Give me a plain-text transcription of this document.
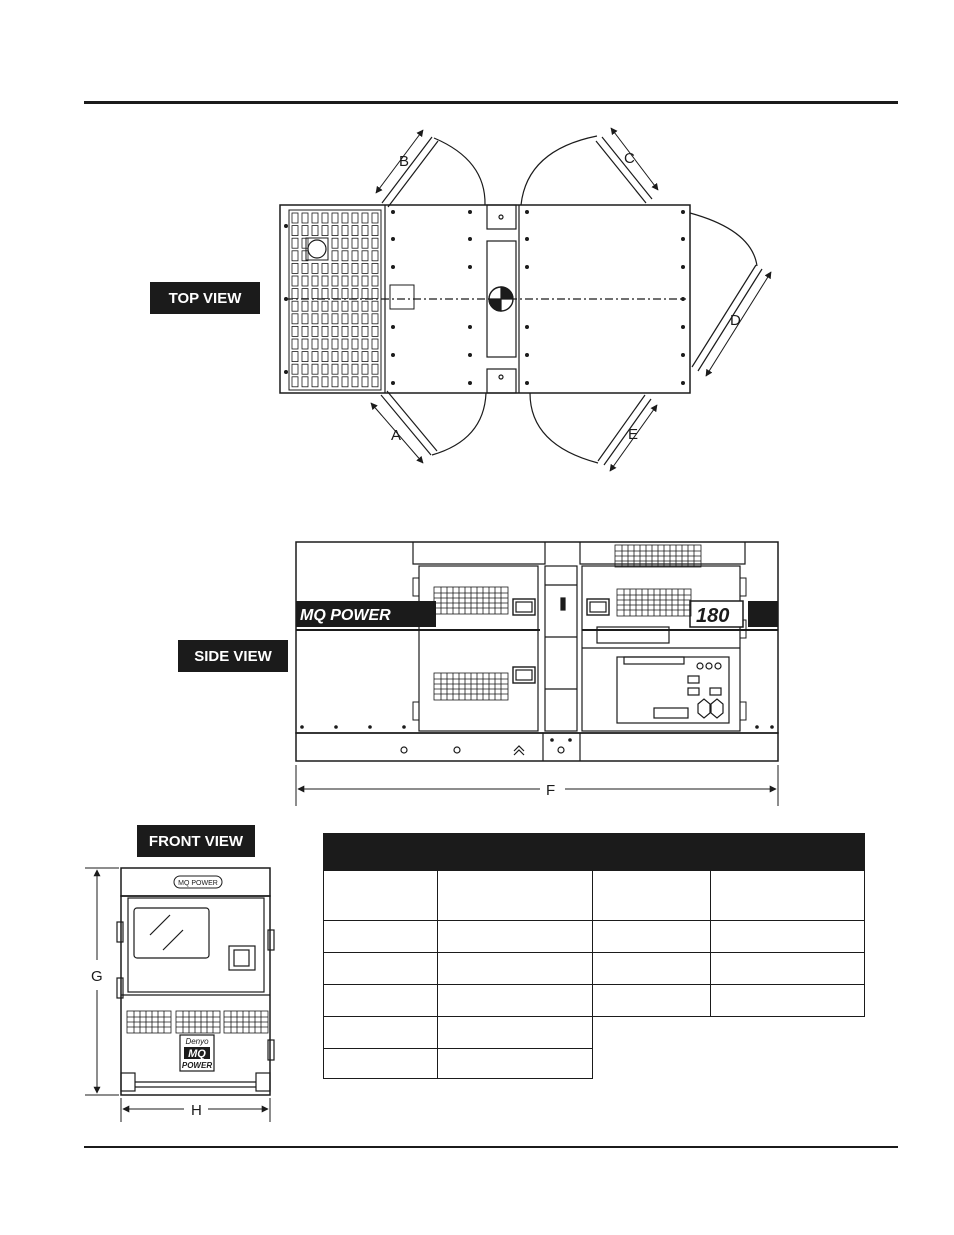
TOP VIEW
SIDE VIEW
FRONT VIEW
B	C
D
A	E
MQ POWER	180
F
MQ POWER
Denyo
MQ
POWER
G
H
